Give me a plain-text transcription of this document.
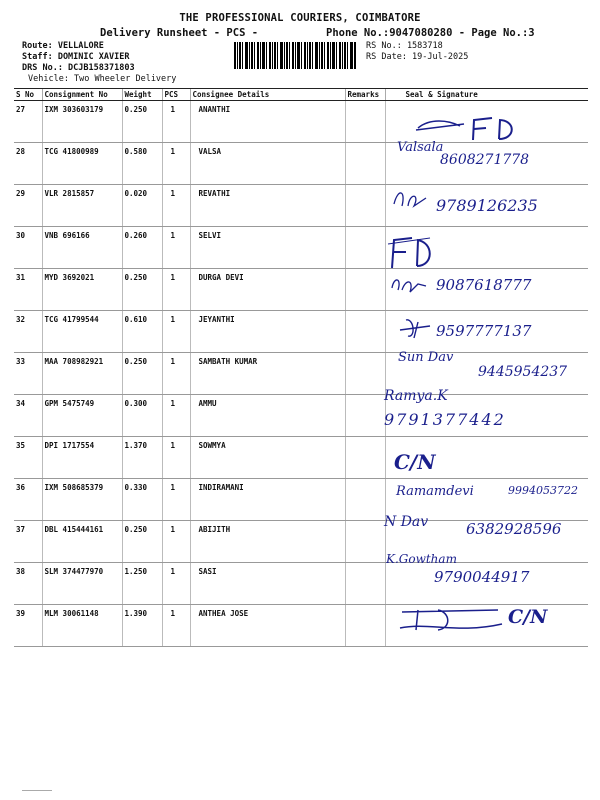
THE PROFESSIONAL COURIERS, COIMBATORE
Delivery Runsheet - PCS -	Phone No.:9047080280 - Page No.:3
Route: VELLALORE
Staff: DOMINIC XAVIER
DRS No.: DCJB158371803
Vehicle: Two Wheeler Delivery
RS No.: 1583718
RS Date: 19-Jul-2025
S No	Consignment No	Weight	PCS	Consignee Details	Remarks	Seal & Signature
27	IXM 303603179	0.250	1	ANANTHI		
28	TCG 41800989	0.580	1	VALSA		
29	VLR 2815857	0.020	1	REVATHI		
30	VNB 696166	0.260	1	SELVI		
31	MYD 3692021	0.250	1	DURGA DEVI		
32	TCG 41799544	0.610	1	JEYANTHI		
33	MAA 708982921	0.250	1	SAMBATH KUMAR		
34	GPM 5475749	0.300	1	AMMU		
35	DPI 1717554	1.370	1	SOWMYA		
36	IXM 508685379	0.330	1	INDIRAMANI		
37	DBL 415444161	0.250	1	ABIJITH		
38	SLM 374477970	1.250	1	SASI		
39	MLM 30061148	1.390	1	ANTHEA JOSE		
Valsala
8608271778
9789126235
9087618777
9597777137
Sun Dav
9445954237
Ramya.K
9791377442
C/N
Ramamdevi	9994053722
N Dav	6382928596
K.Gowtham
9790044917
C/N
